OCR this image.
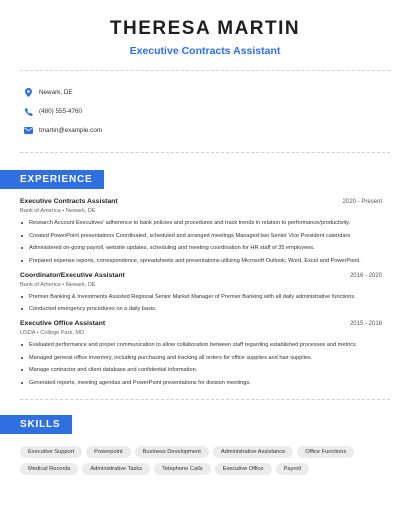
THERESA MARTIN
Executive Contracts Assistant
Newark, DE
(480) 555-4760
tmartin@example.com
EXPERIENCE
Executive Contracts Assistant	2020 - Present
Bank of America • Newark, DE
Research Account Executives' adherence to bank policies and procedures and track trends in relation to performance/productivity.
Created PowerPoint presentations Coordinated, scheduled and arranged meetings Managed two Senior Vice President calendars
Administered on-going payroll, website updates, scheduling and meeting coordination for HR staff of 35 employees.
Prepared expense reports, correspondence, spreadsheets and presentations utilizing Microsoft Outlook, Word, Excel and PowerPoint.
Coordinator/Executive Assistant	2016 - 2020
Bank of America • Newark, DE
Premier Banking & Investments Assisted Regional Senior Market Manager of Premier Banking with all daily administrative functions.
Conducted emergency procedures on a daily basis.
Executive Office Assistant	2015 - 2016
USDA • College Park, MD
Evaluated performance and proper communication to allow collaboration between staff regarding established processes and metrics.
Managed general office inventory, including purchasing and tracking all orders for office supplies and hair supplies.
Manage contractor and client database and confidential information.
Generated reports, meeting agendas and PowerPoint presentations for division meetings.
SKILLS
Executive Support	Powerpoint	Business Development	Administrative Assistance	Office Functions
Medical Records	Administrative Tasks	Telephone Calls	Executive Office	Payroll
